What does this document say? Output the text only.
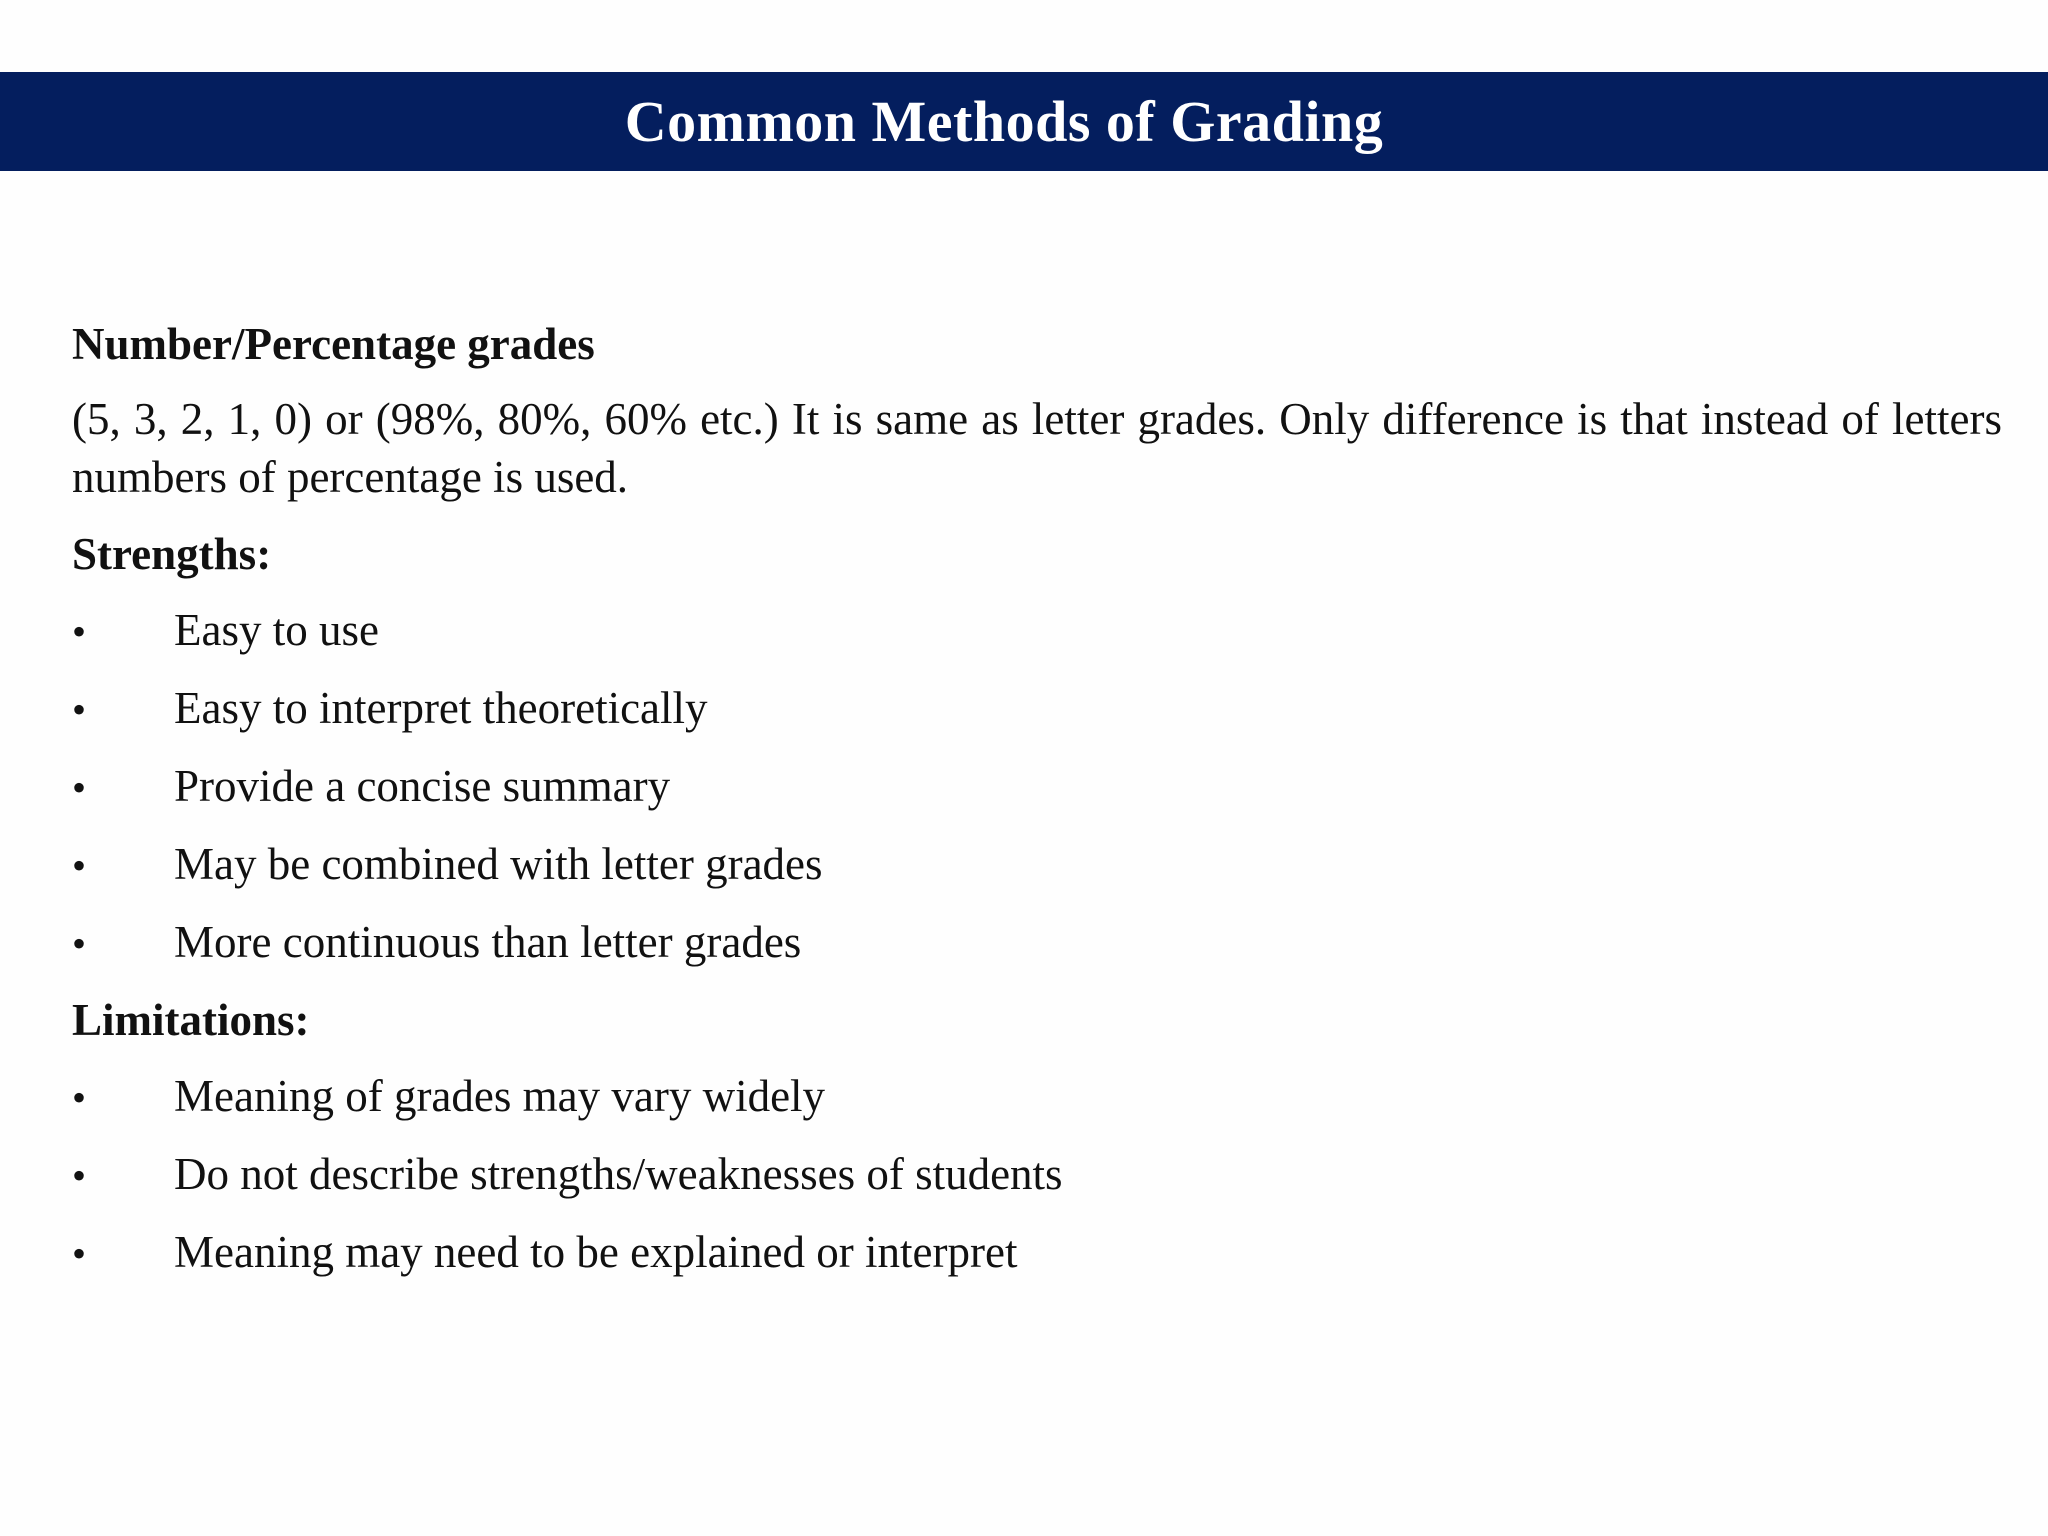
Common Methods of Grading

Number/Percentage grades

(5, 3, 2, 1, 0) or (98%, 80%, 60% etc.) It is same as letter grades. Only difference is that instead of letters numbers of percentage is used.

Strengths:

•	Easy to use
•	Easy to interpret theoretically
•	Provide a concise summary
•	May be combined with letter grades
•	More continuous than letter grades

Limitations:

•	Meaning of grades may vary widely
•	Do not describe strengths/weaknesses of students
•	Meaning may need to be explained or interpret
